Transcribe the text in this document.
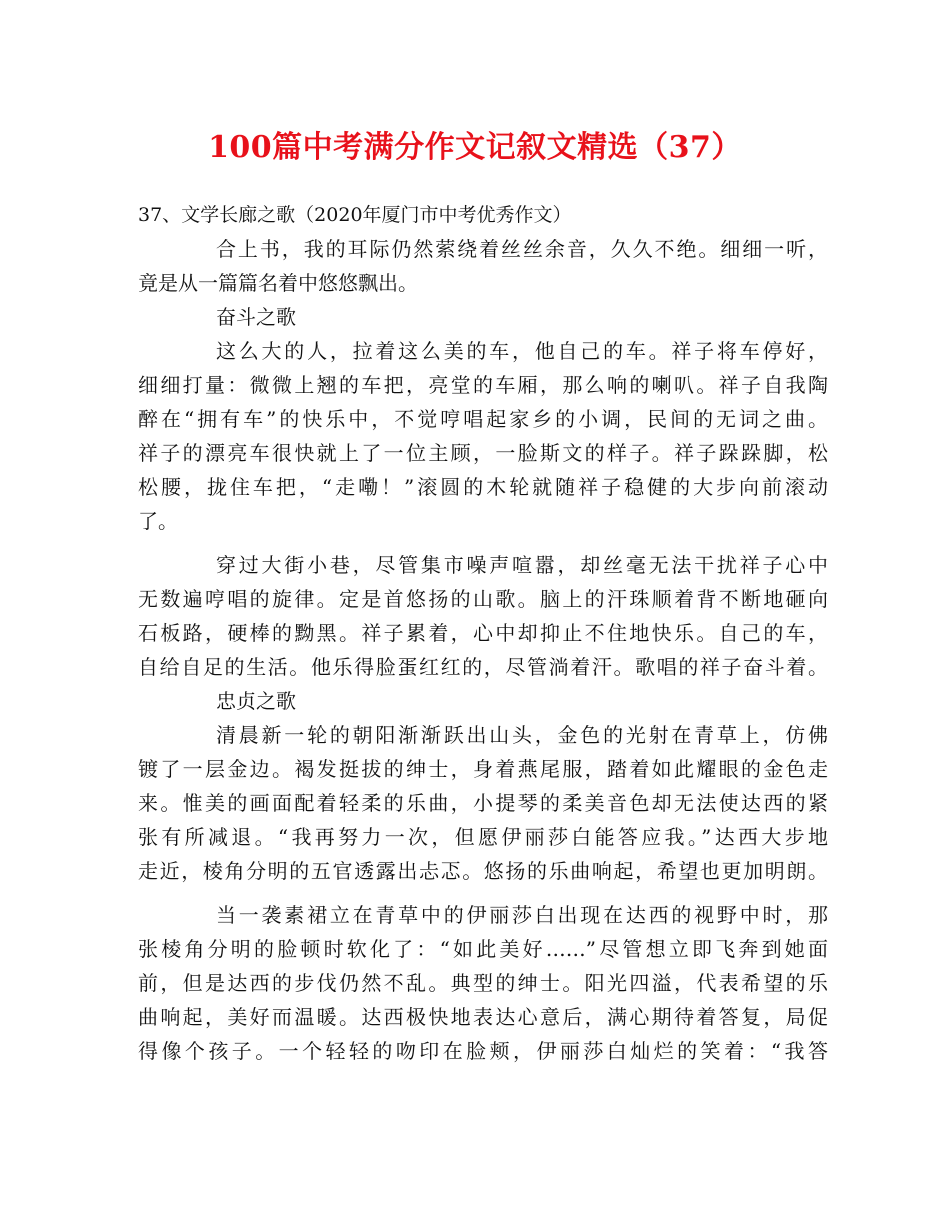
100篇中考满分作文记叙文精选（37）
37、文学长廊之歌（2020年厦门市中考优秀作文）
合上书，我的耳际仍然萦绕着丝丝余音，久久不绝。细细一听，
竟是从一篇篇名着中悠悠飘出。
奋斗之歌
这么大的人，拉着这么美的车，他自己的车。祥子将车停好，
细细打量：微微上翘的车把，亮堂的车厢，那么响的喇叭。祥子自我陶
醉在“拥有车”的快乐中，不觉哼唱起家乡的小调，民间的无词之曲。
祥子的漂亮车很快就上了一位主顾，一脸斯文的样子。祥子跺跺脚，松
松腰，拢住车把，“走嘞！”滚圆的木轮就随祥子稳健的大步向前滚动
了。
穿过大街小巷，尽管集市噪声喧嚣，却丝毫无法干扰祥子心中
无数遍哼唱的旋律。定是首悠扬的山歌。脑上的汗珠顺着背不断地砸向
石板路，硬棒的黝黑。祥子累着，心中却抑止不住地快乐。自己的车，
自给自足的生活。他乐得脸蛋红红的，尽管淌着汗。歌唱的祥子奋斗着。
忠贞之歌
清晨新一轮的朝阳渐渐跃出山头，金色的光射在青草上，仿佛
镀了一层金边。褐发挺拔的绅士，身着燕尾服，踏着如此耀眼的金色走
来。惟美的画面配着轻柔的乐曲，小提琴的柔美音色却无法使达西的紧
张有所减退。“我再努力一次，但愿伊丽莎白能答应我。”达西大步地
走近，棱角分明的五官透露出忐忑。悠扬的乐曲响起，希望也更加明朗。
当一袭素裙立在青草中的伊丽莎白出现在达西的视野中时，那
张棱角分明的脸顿时软化了：“如此美好……”尽管想立即飞奔到她面
前，但是达西的步伐仍然不乱。典型的绅士。阳光四溢，代表希望的乐
曲响起，美好而温暖。达西极快地表达心意后，满心期待着答复，局促
得像个孩子。一个轻轻的吻印在脸颊，伊丽莎白灿烂的笑着：“我答
